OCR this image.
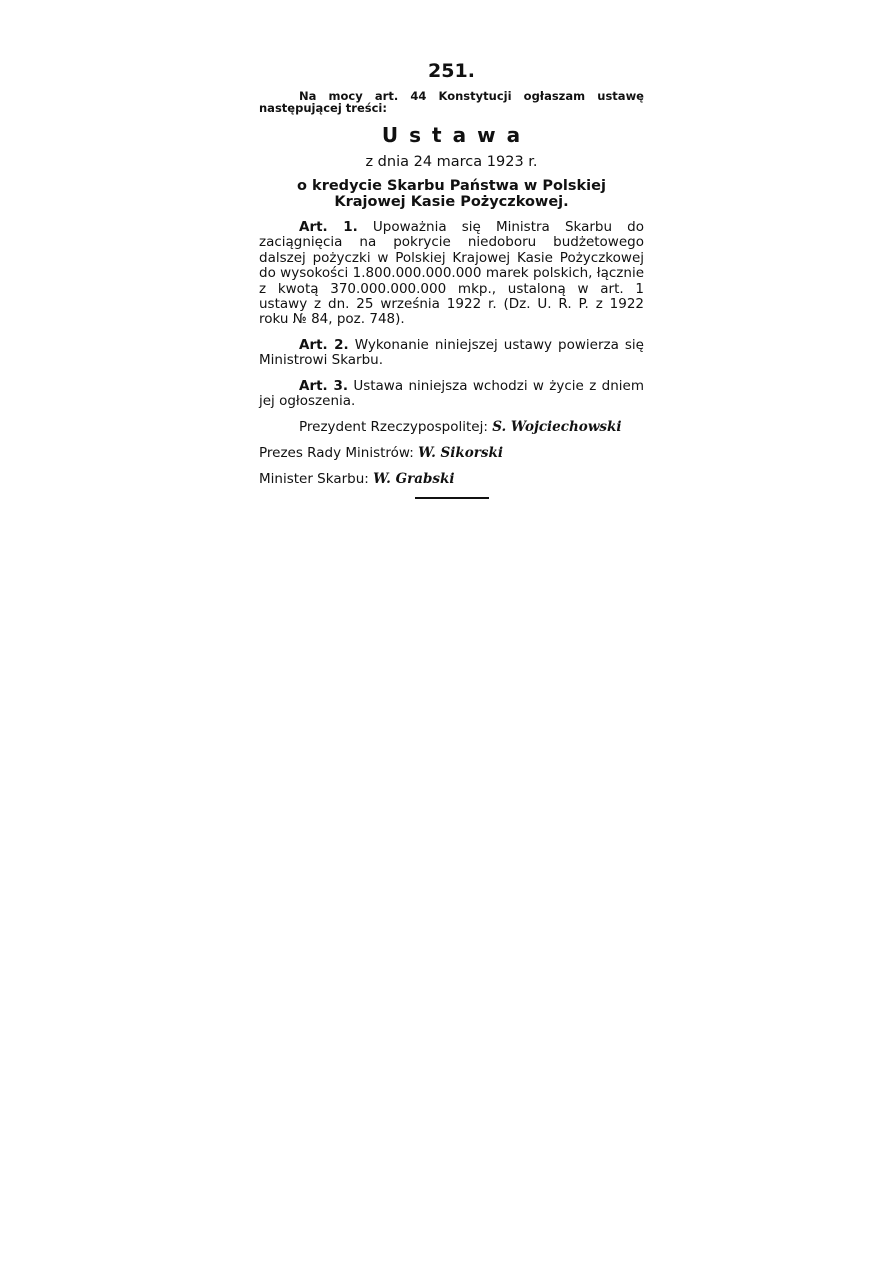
251.

Na mocy art. 44 Konstytucji ogłaszam ustawę następującej treści:

Ustawa
z dnia 24 marca 1923 r.
o kredycie Skarbu Państwa w Polskiej Krajowej Kasie Pożyczkowej.

Art. 1. Upoważnia się Ministra Skarbu do zaciągnięcia na pokrycie niedoboru budżetowego dalszej pożyczki w Polskiej Krajowej Kasie Pożyczkowej do wysokości 1.800.000.000.000 marek polskich, łącznie z kwotą 370.000.000.000 mkp., ustaloną w art. 1 ustawy z dn. 25 września 1922 r. (Dz. U. R. P. z 1922 roku № 84, poz. 748).

Art. 2. Wykonanie niniejszej ustawy powierza się Ministrowi Skarbu.

Art. 3. Ustawa niniejsza wchodzi w życie z dniem jej ogłoszenia.

Prezydent Rzeczypospolitej: S. Wojciechowski
Prezes Rady Ministrów: W. Sikorski
Minister Skarbu: W. Grabski
